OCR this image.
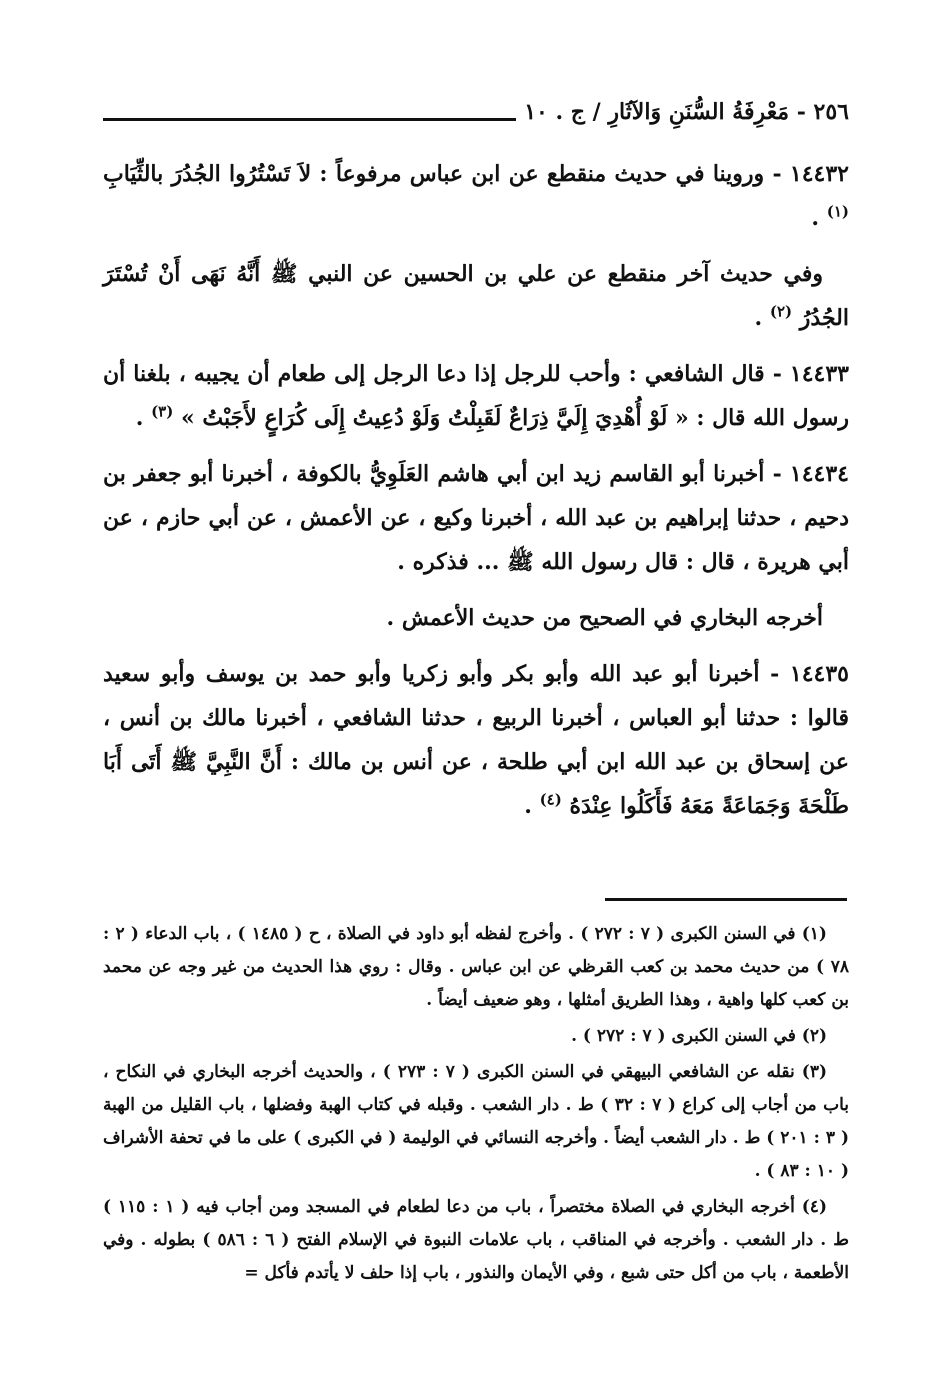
٢٥٦ - مَعْرِفَةُ السُّنَنِ وَالآثَارِ / ج . ١٠

١٤٤٣٢ - وروينا في حديث منقطع عن ابن عباس مرفوعاً : لاَ تَسْتُرُوا الجُدُرَ بالثِّيَابِ $^{(١)}$ .

وفي حديث آخر منقطع عن علي بن الحسين عن النبي ﷺ أَنَّهُ نَهَى أَنْ تُسْتَرَ الجُدُرُ $^{(٢)}$ .

١٤٤٣٣ - قال الشافعي : وأحب للرجل إذا دعا الرجل إلى طعام أن يجيبه ، بلغنا أن رسول الله قال : « لَوْ أُهْدِيَ إِلَيَّ ذِرَاعٌ لَقَبِلْتُ وَلَوْ دُعِيتُ إِلَى كُرَاعٍ لأَجَبْتُ » $^{(٣)}$ .

١٤٤٣٤ - أخبرنا أبو القاسم زيد ابن أبي هاشم العَلَوِيُّ بالكوفة ، أخبرنا أبو جعفر بن دحيم ، حدثنا إبراهيم بن عبد الله ، أخبرنا وكيع ، عن الأعمش ، عن أبي حازم ، عن أبي هريرة ، قال : قال رسول الله ﷺ ... فذكره .

أخرجه البخاري في الصحيح من حديث الأعمش .

١٤٤٣٥ - أخبرنا أبو عبد الله وأبو بكر وأبو زكريا وأبو حمد بن يوسف وأبو سعيد قالوا : حدثنا أبو العباس ، أخبرنا الربيع ، حدثنا الشافعي ، أخبرنا مالك بن أنس ، عن إسحاق بن عبد الله ابن أبي طلحة ، عن أنس بن مالك : أَنَّ النَّبِيَّ ﷺ أَتَى أَبَا طَلْحَةَ وَجَمَاعَةً مَعَهُ فَأَكَلُوا عِنْدَهُ $^{(٤)}$ .

(١) في السنن الكبرى ( ٧ : ٢٧٢ ) . وأخرج لفظه أبو داود في الصلاة ، ح ( ١٤٨٥ ) ، باب الدعاء ( ٢ : ٧٨ ) من حديث محمد بن كعب القرظي عن ابن عباس . وقال : روي هذا الحديث من غير وجه عن محمد بن كعب كلها واهية ، وهذا الطريق أمثلها ، وهو ضعيف أيضاً .

(٢) في السنن الكبرى ( ٧ : ٢٧٢ ) .

(٣) نقله عن الشافعي البيهقي في السنن الكبرى ( ٧ : ٢٧٣ ) ، والحديث أخرجه البخاري في النكاح ، باب من أجاب إلى كراع ( ٧ : ٣٢ ) ط . دار الشعب . وقبله في كتاب الهبة وفضلها ، باب القليل من الهبة ( ٣ : ٢٠١ ) ط . دار الشعب أيضاً . وأخرجه النسائي في الوليمة ( في الكبرى ) على ما في تحفة الأشراف ( ١٠ : ٨٣ ) .

(٤) أخرجه البخاري في الصلاة مختصراً ، باب من دعا لطعام في المسجد ومن أجاب فيه ( ١ : ١١٥ ) ط . دار الشعب . وأخرجه في المناقب ، باب علامات النبوة في الإسلام الفتح ( ٦ : ٥٨٦ ) بطوله . وفي الأطعمة ، باب من أكل حتى شبع ، وفي الأيمان والنذور ، باب إذا حلف لا يأتدم فأكل =
